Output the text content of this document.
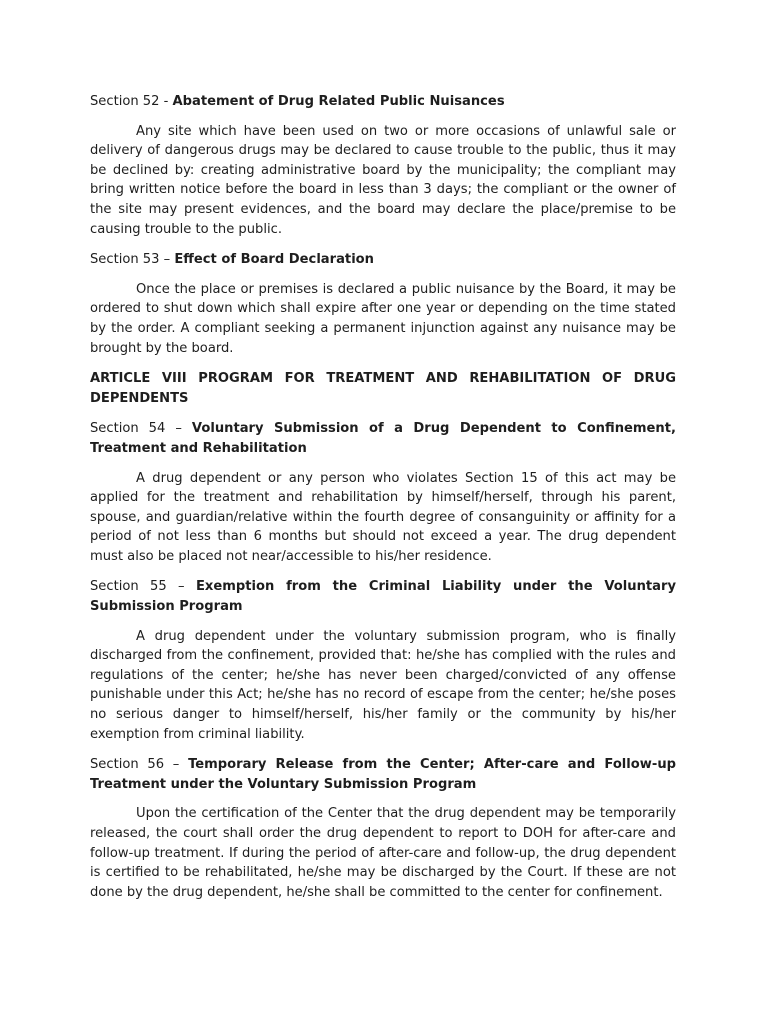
Section 52 - Abatement of Drug Related Public Nuisances

Any site which have been used on two or more occasions of unlawful sale or delivery of dangerous drugs may be declared to cause trouble to the public, thus it may be declined by: creating administrative board by the municipality; the compliant may bring written notice before the board in less than 3 days; the compliant or the owner of the site may present evidences, and the board may declare the place/premise to be causing trouble to the public.

Section 53 – Effect of Board Declaration

Once the place or premises is declared a public nuisance by the Board, it may be ordered to shut down which shall expire after one year or depending on the time stated by the order. A compliant seeking a permanent injunction against any nuisance may be brought by the board.

ARTICLE VIII PROGRAM FOR TREATMENT AND REHABILITATION OF DRUG DEPENDENTS

Section 54 – Voluntary Submission of a Drug Dependent to Confinement, Treatment and Rehabilitation

A drug dependent or any person who violates Section 15 of this act may be applied for the treatment and rehabilitation by himself/herself, through his parent, spouse, and guardian/relative within the fourth degree of consanguinity or affinity for a period of not less than 6 months but should not exceed a year. The drug dependent must also be placed not near/accessible to his/her residence.

Section 55 – Exemption from the Criminal Liability under the Voluntary Submission Program

A drug dependent under the voluntary submission program, who is finally discharged from the confinement, provided that: he/she has complied with the rules and regulations of the center; he/she has never been charged/convicted of any offense punishable under this Act; he/she has no record of escape from the center; he/she poses no serious danger to himself/herself, his/her family or the community by his/her exemption from criminal liability.

Section 56 – Temporary Release from the Center; After-care and Follow-up Treatment under the Voluntary Submission Program

Upon the certification of the Center that the drug dependent may be temporarily released, the court shall order the drug dependent to report to DOH for after-care and follow-up treatment. If during the period of after-care and follow-up, the drug dependent is certified to be rehabilitated, he/she may be discharged by the Court. If these are not done by the drug dependent, he/she shall be committed to the center for confinement.
